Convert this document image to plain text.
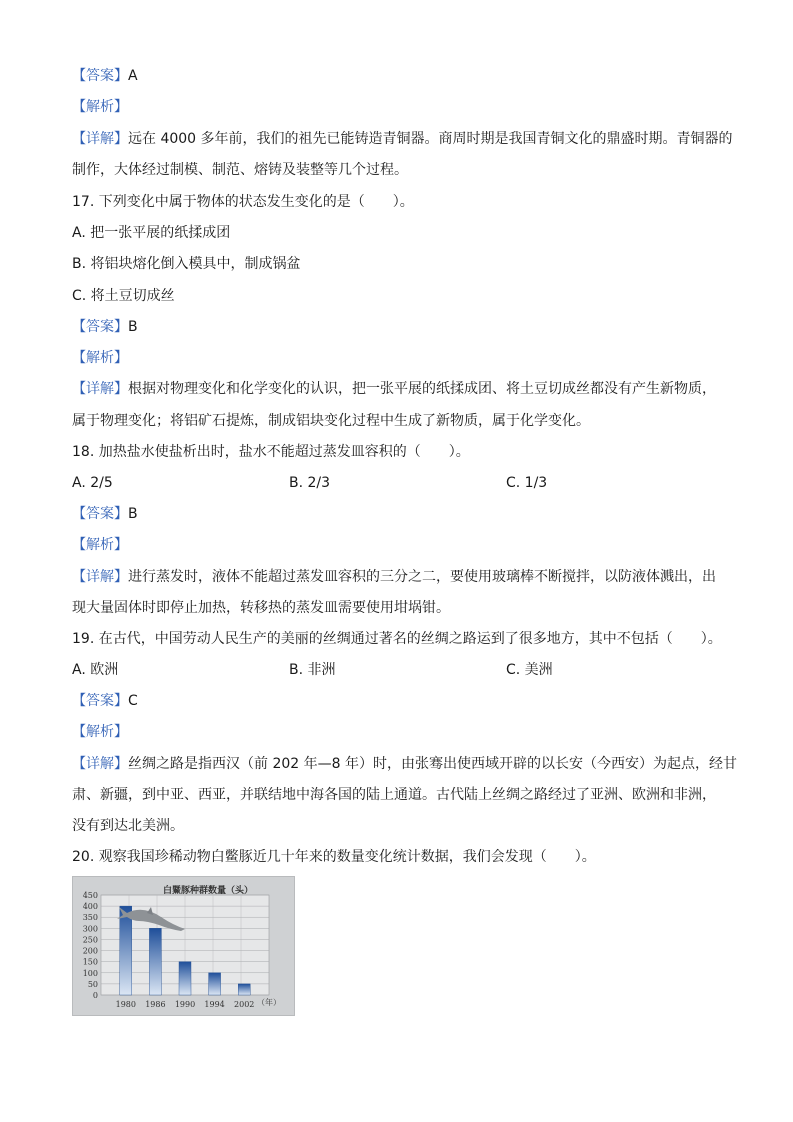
【答案】A
【解析】
【详解】远在 4000 多年前，我们的祖先已能铸造青铜器。商周时期是我国青铜文化的鼎盛时期。青铜器的
制作，大体经过制模、制范、熔铸及装整等几个过程。
17. 下列变化中属于物体的状态发生变化的是（　　）。
A. 把一张平展的纸揉成团
B. 将铝块熔化倒入模具中，制成锅盆
C. 将土豆切成丝
【答案】B
【解析】
【详解】根据对物理变化和化学变化的认识，把一张平展的纸揉成团、将土豆切成丝都没有产生新物质，
属于物理变化；将铝矿石提炼，制成铝块变化过程中生成了新物质，属于化学变化。
18. 加热盐水使盐析出时，盐水不能超过蒸发皿容积的（　　）。
A. 2/5	B. 2/3	C. 1/3
【答案】B
【解析】
【详解】进行蒸发时，液体不能超过蒸发皿容积的三分之二，要使用玻璃棒不断搅拌，以防液体溅出，出
现大量固体时即停止加热，转移热的蒸发皿需要使用坩埚钳。
19. 在古代，中国劳动人民生产的美丽的丝绸通过著名的丝绸之路运到了很多地方，其中不包括（　　）。
A. 欧洲	B. 非洲	C. 美洲
【答案】C
【解析】
【详解】丝绸之路是指西汉（前 202 年—8 年）时，由张骞出使西域开辟的以长安（今西安）为起点，经甘
肃、新疆，到中亚、西亚，并联结地中海各国的陆上通道。古代陆上丝绸之路经过了亚洲、欧洲和非洲，
没有到达北美洲。
20. 观察我国珍稀动物白鳖豚近几十年来的数量变化统计数据，我们会发现（　　）。
450
400
350
300
250
200
150
100
50
0
1980 1986 1990 1994 2002
白鱀豚种群数量（头）
（年）
